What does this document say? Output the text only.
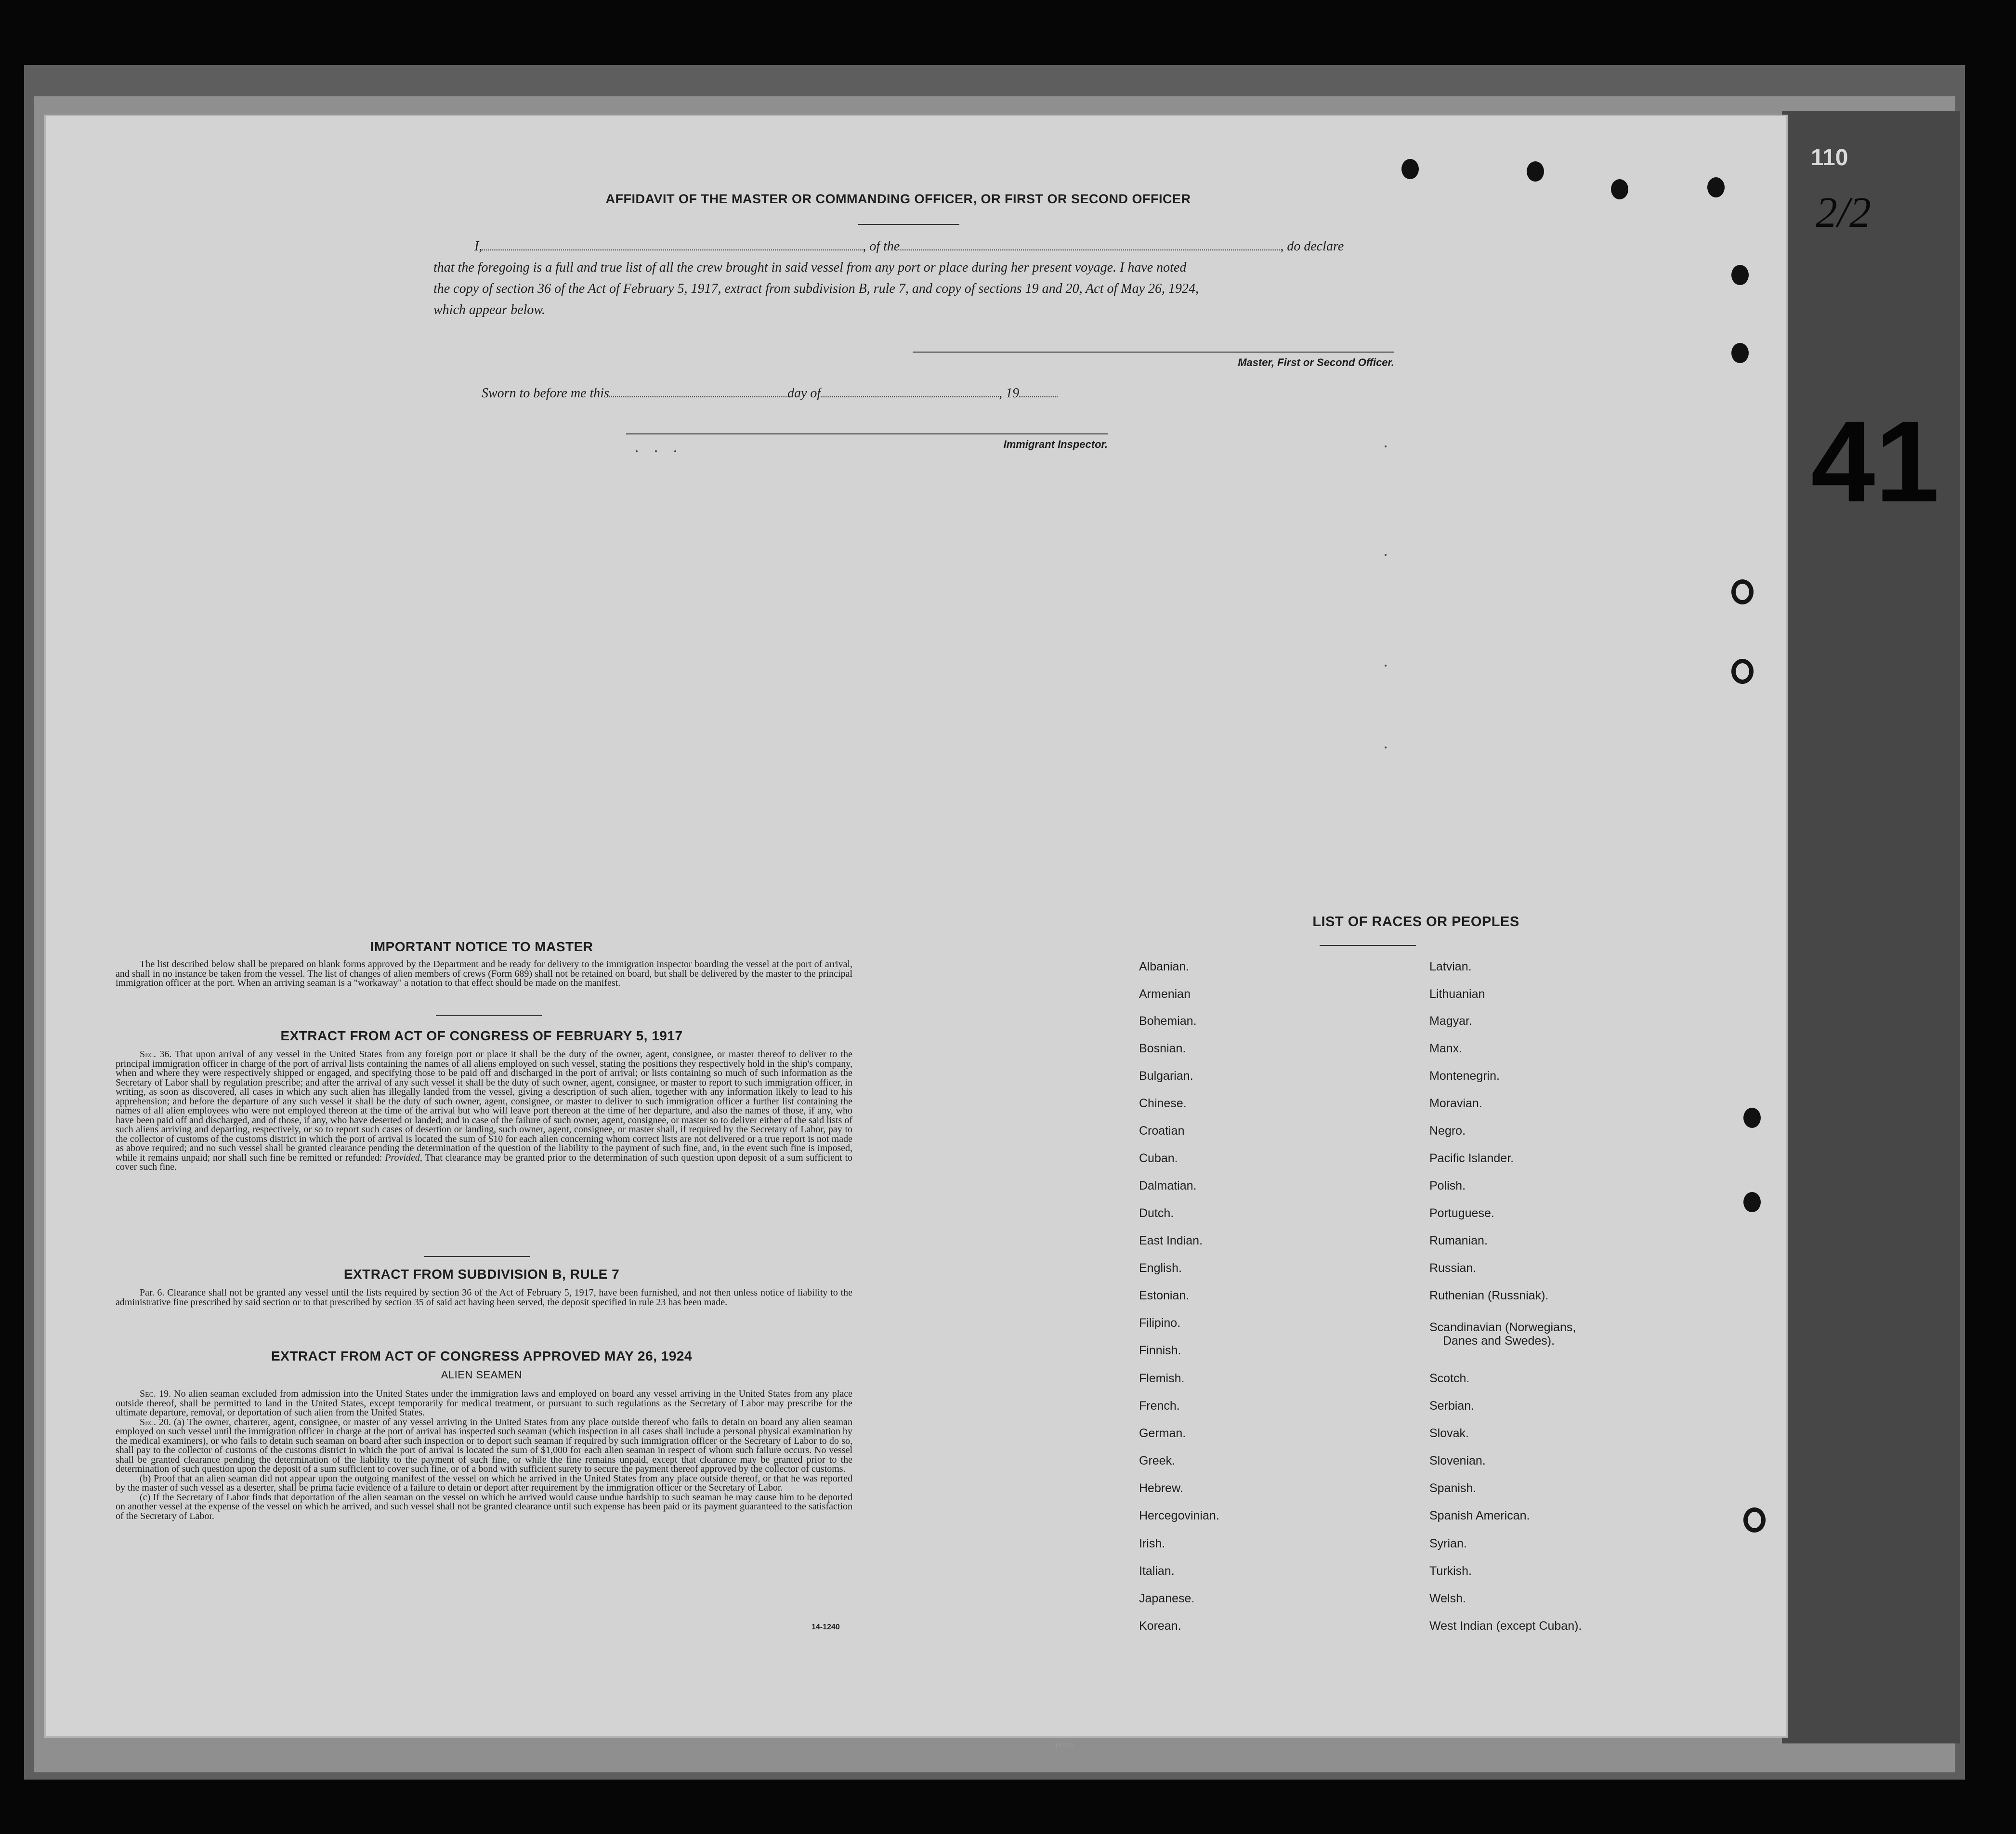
110
2/2
41
14-480
AFFIDAVIT OF THE MASTER OR COMMANDING OFFICER, OR FIRST OR SECOND OFFICER
I,	, of the	, do declare
that the foregoing is a full and true list of all the crew brought in said vessel from any port or place during her present voyage. I have noted
the copy of section 36 of the Act of February 5, 1917, extract from subdivision B, rule 7, and copy of sections 19 and 20, Act of May 26, 1924,
which appear below.
Master, First or Second Officer.
Sworn to before me this	day of	, 19
Immigrant Inspector.
IMPORTANT NOTICE TO MASTER
The list described below shall be prepared on blank forms approved by the Department and be ready for delivery to the immigration inspector boarding the vessel at the port of arrival, and shall in no instance be taken from the vessel. The list of changes of alien members of crews (Form 689) shall not be retained on board, but shall be delivered by the master to the principal immigration officer at the port. When an arriving seaman is a "workaway" a notation to that effect should be made on the manifest.
EXTRACT FROM ACT OF CONGRESS OF FEBRUARY 5, 1917
Sec. 36. That upon arrival of any vessel in the United States from any foreign port or place it shall be the duty of the owner, agent, consignee, or master thereof to deliver to the principal immigration officer in charge of the port of arrival lists containing the names of all aliens employed on such vessel, stating the positions they respectively hold in the ship's company, when and where they were respectively shipped or engaged, and specifying those to be paid off and discharged in the port of arrival; or lists containing so much of such information as the Secretary of Labor shall by regulation prescribe; and after the arrival of any such vessel it shall be the duty of such owner, agent, consignee, or master to report to such immigration officer, in writing, as soon as discovered, all cases in which any such alien has illegally landed from the vessel, giving a description of such alien, together with any information likely to lead to his apprehension; and before the departure of any such vessel it shall be the duty of such owner, agent, consignee, or master to deliver to such immigration officer a further list containing the names of all alien employees who were not employed thereon at the time of the arrival but who will leave port thereon at the time of her departure, and also the names of those, if any, who have been paid off and discharged, and of those, if any, who have deserted or landed; and in case of the failure of such owner, agent, consignee, or master so to deliver either of the said lists of such aliens arriving and departing, respectively, or so to report such cases of desertion or landing, such owner, agent, consignee, or master shall, if required by the Secretary of Labor, pay to the collector of customs of the customs district in which the port of arrival is located the sum of $10 for each alien concerning whom correct lists are not delivered or a true report is not made as above required; and no such vessel shall be granted clearance pending the determination of the question of the liability to the payment of such fine, and, in the event such fine is imposed, while it remains unpaid; nor shall such fine be remitted or refunded: Provided, That clearance may be granted prior to the determination of such question upon deposit of a sum sufficient to cover such fine.
EXTRACT FROM SUBDIVISION B, RULE 7
Par. 6. Clearance shall not be granted any vessel until the lists required by section 36 of the Act of February 5, 1917, have been furnished, and not then unless notice of liability to the administrative fine prescribed by said section or to that prescribed by section 35 of said act having been served, the deposit specified in rule 23 has been made.
EXTRACT FROM ACT OF CONGRESS APPROVED MAY 26, 1924
ALIEN SEAMEN
Sec. 19. No alien seaman excluded from admission into the United States under the immigration laws and employed on board any vessel arriving in the United States from any place outside thereof, shall be permitted to land in the United States, except temporarily for medical treatment, or pursuant to such regulations as the Secretary of Labor may prescribe for the ultimate departure, removal, or deportation of such alien from the United States.
Sec. 20. (a) The owner, charterer, agent, consignee, or master of any vessel arriving in the United States from any place outside thereof who fails to detain on board any alien seaman employed on such vessel until the immigration officer in charge at the port of arrival has inspected such seaman (which inspection in all cases shall include a personal physical examination by the medical examiners), or who fails to detain such seaman on board after such inspection or to deport such seaman if required by such immigration officer or the Secretary of Labor to do so, shall pay to the collector of customs of the customs district in which the port of arrival is located the sum of $1,000 for each alien seaman in respect of whom such failure occurs. No vessel shall be granted clearance pending the determination of the liability to the payment of such fine, or while the fine remains unpaid, except that clearance may be granted prior to the determination of such question upon the deposit of a sum sufficient to cover such fine, or of a bond with sufficient surety to secure the payment thereof approved by the collector of customs.
(b) Proof that an alien seaman did not appear upon the outgoing manifest of the vessel on which he arrived in the United States from any place outside thereof, or that he was reported by the master of such vessel as a deserter, shall be prima facie evidence of a failure to detain or deport after requirement by the immigration officer or the Secretary of Labor.
(c) If the Secretary of Labor finds that deportation of the alien seaman on the vessel on which he arrived would cause undue hardship to such seaman he may cause him to be deported on another vessel at the expense of the vessel on which he arrived, and such vessel shall not be granted clearance until such expense has been paid or its payment guaranteed to the satisfaction of the Secretary of Labor.
14-1240
LIST OF RACES OR PEOPLES
Albanian.
Armenian
Bohemian.
Bosnian.
Bulgarian.
Chinese.
Croatian
Cuban.
Dalmatian.
Dutch.
East Indian.
English.
Estonian.
Filipino.
Finnish.
Flemish.
French.
German.
Greek.
Hebrew.
Hercegovinian.
Irish.
Italian.
Japanese.
Korean.
Latvian.
Lithuanian
Magyar.
Manx.
Montenegrin.
Moravian.
Negro.
Pacific Islander.
Polish.
Portuguese.
Rumanian.
Russian.
Ruthenian (Russniak).
Scandinavian (Norwegians,
Danes and Swedes).
Scotch.
Serbian.
Slovak.
Slovenian.
Spanish.
Spanish American.
Syrian.
Turkish.
Welsh.
West Indian (except Cuban).
